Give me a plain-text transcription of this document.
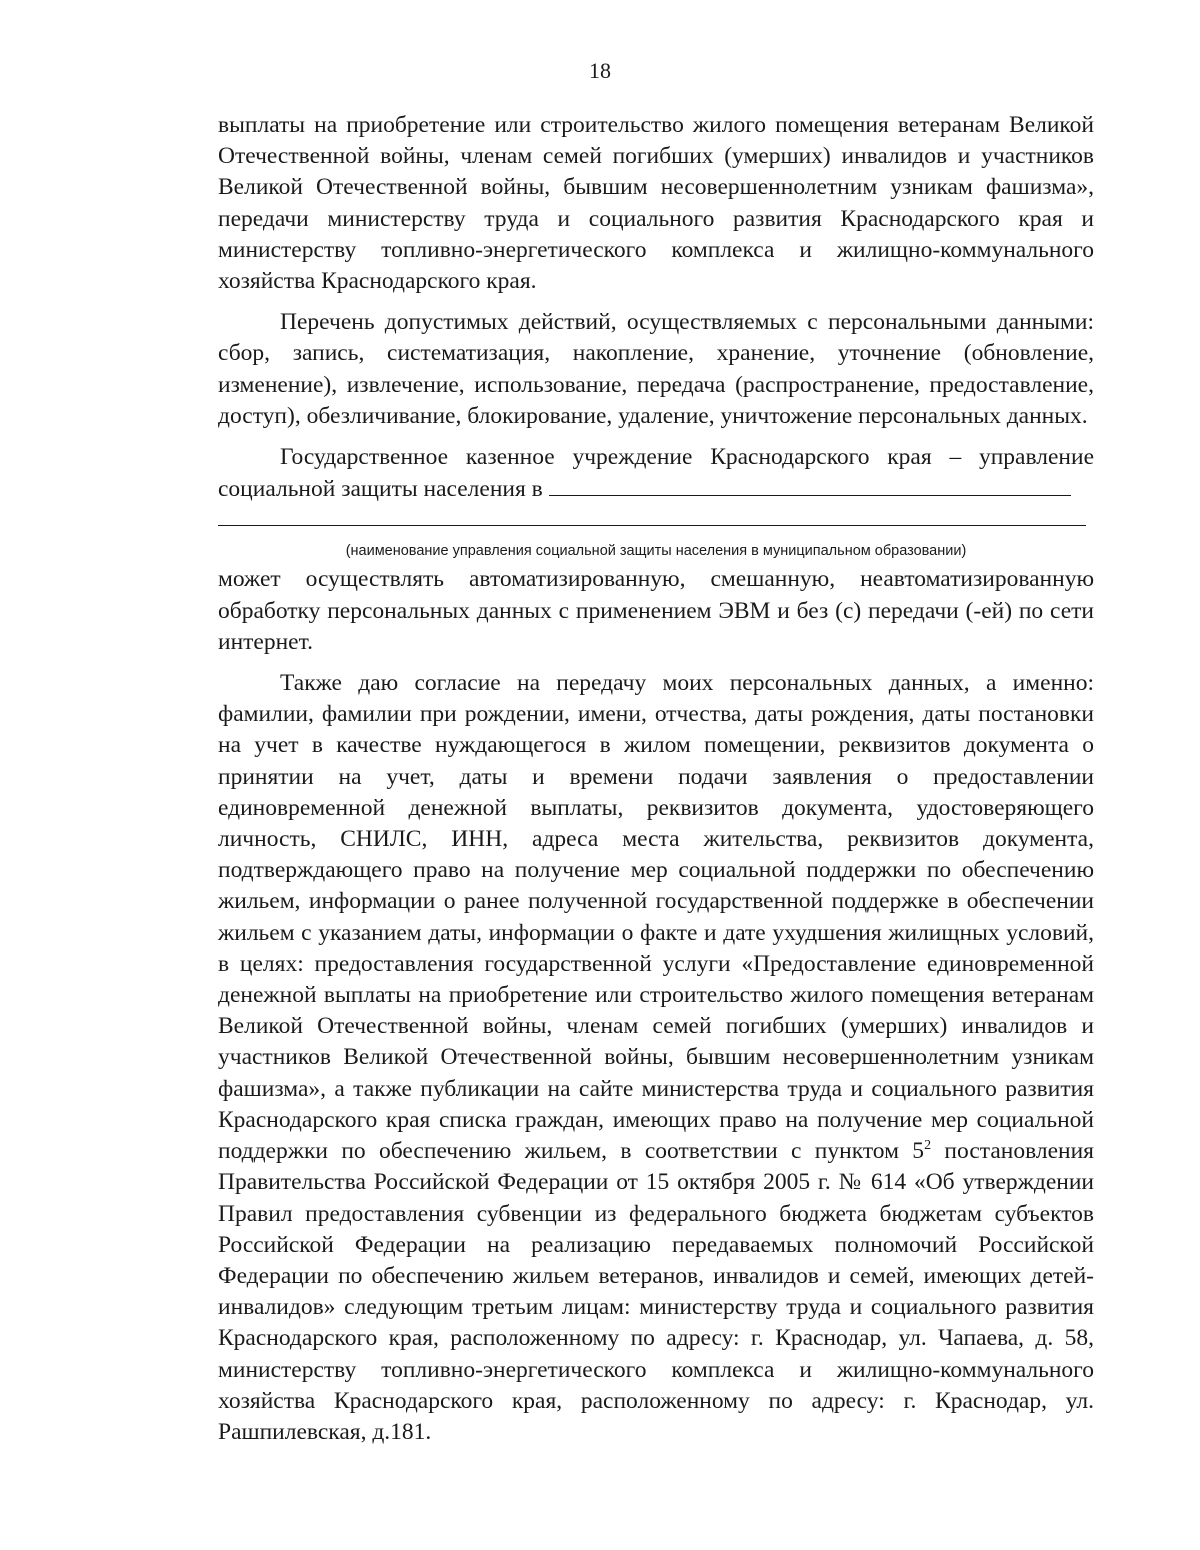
18

выплаты на приобретение или строительство жилого помещения ветеранам Великой Отечественной войны, членам семей погибших (умерших) инвалидов и участников Великой Отечественной войны, бывшим несовершеннолетним узникам фашизма», передачи министерству труда и социального развития Краснодарского края и министерству топливно-энергетического комплекса и жилищно-коммунального хозяйства Краснодарского края.

Перечень допустимых действий, осуществляемых с персональными данными: сбор, запись, систематизация, накопление, хранение, уточнение (обновление, изменение), извлечение, использование, передача (распространение, предоставление, доступ), обезличивание, блокирование, удаление, уничтожение персональных данных.

Государственное казенное учреждение Краснодарского края – управление социальной защиты населения в

(наименование управления социальной защиты населения в муниципальном образовании)

может осуществлять автоматизированную, смешанную, неавтоматизированную обработку персональных данных с применением ЭВМ и без (с) передачи (-ей) по сети интернет.

Также даю согласие на передачу моих персональных данных, а именно: фамилии, фамилии при рождении, имени, отчества, даты рождения, даты постановки на учет в качестве нуждающегося в жилом помещении, реквизитов документа о принятии на учет, даты и времени подачи заявления о предоставлении единовременной денежной выплаты, реквизитов документа, удостоверяющего личность, СНИЛС, ИНН, адреса места жительства, реквизитов документа, подтверждающего право на получение мер социальной поддержки по обеспечению жильем, информации о ранее полученной государственной поддержке в обеспечении жильем с указанием даты, информации о факте и дате ухудшения жилищных условий, в целях: предоставления государственной услуги «Предоставление единовременной денежной выплаты на приобретение или строительство жилого помещения ветеранам Великой Отечественной войны, членам семей погибших (умерших) инвалидов и участников Великой Отечественной войны, бывшим несовершеннолетним узникам фашизма», а также публикации на сайте министерства труда и социального развития Краснодарского края списка граждан, имеющих право на получение мер социальной поддержки по обеспечению жильем, в соответствии с пунктом $5^2$ постановления Правительства Российской Федерации от 15 октября 2005 г. № 614 «Об утверждении Правил предоставления субвенции из федерального бюджета бюджетам субъектов Российской Федерации на реализацию передаваемых полномочий Российской Федерации по обеспечению жильем ветеранов, инвалидов и семей, имеющих детей-инвалидов» следующим третьим лицам: министерству труда и социального развития Краснодарского края, расположенному по адресу: г. Краснодар, ул. Чапаева, д. 58, министерству топливно-энергетического комплекса и жилищно-коммунального хозяйства Краснодарского края, расположенному по адресу: г. Краснодар, ул. Рашпилевская, д.181.
